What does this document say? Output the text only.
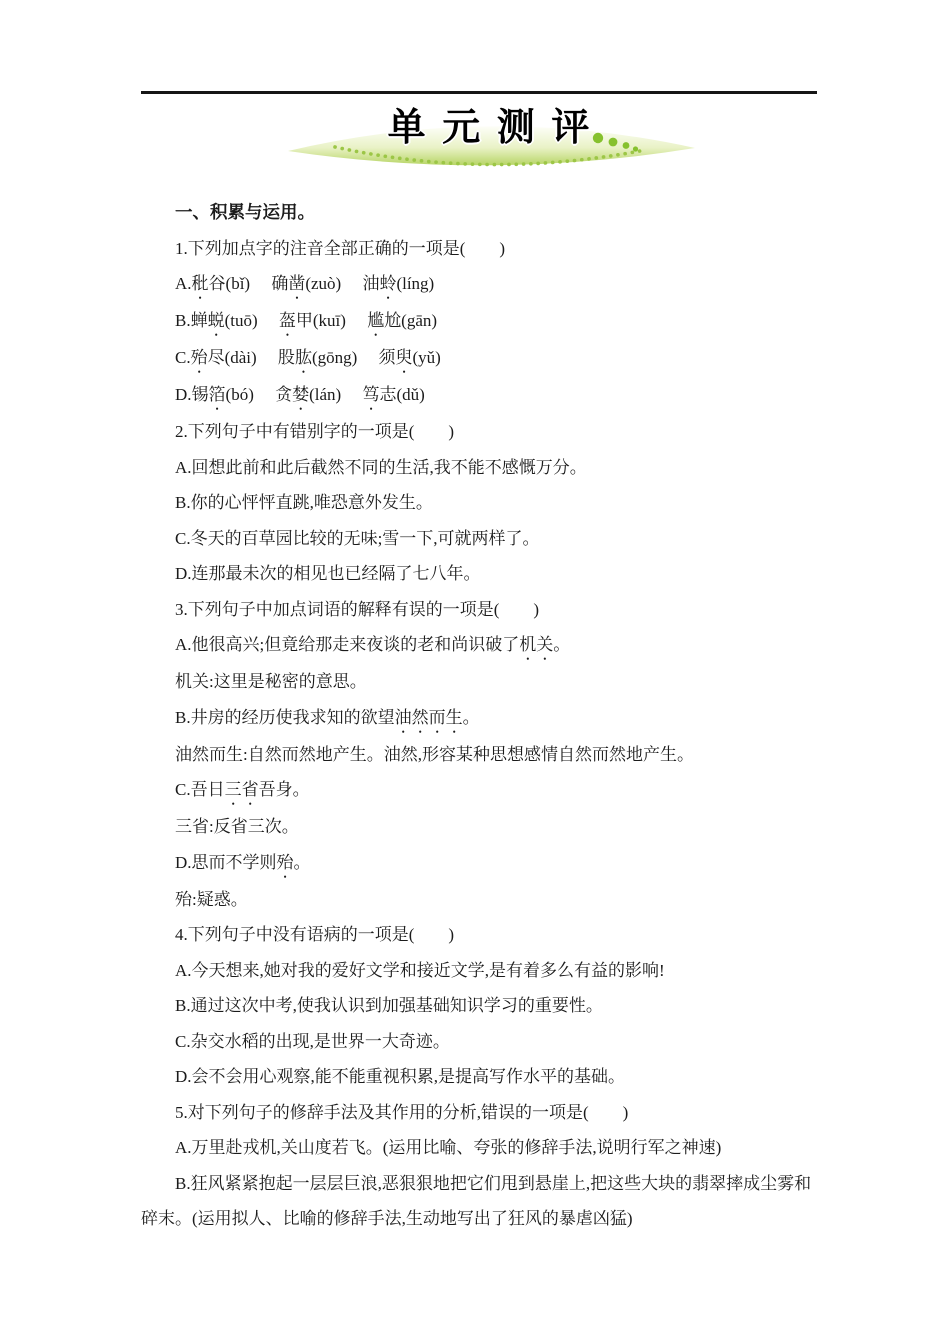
单 元 测 评

一、积累与运用。

1.下列加点字的注音全部正确的一项是(　　)

A.秕谷(bǐ)　 确凿(zuò)　 油蛉(líng)

B.蝉蜕(tuō)　 盔甲(kuī)　 尴尬(gān)

C.殆尽(dài)　 股肱(gōng)　 须臾(yǔ)

D.锡箔(bó)　 贪婪(lán)　 笃志(dǔ)

2.下列句子中有错别字的一项是(　　)

A.回想此前和此后截然不同的生活,我不能不感慨万分。

B.你的心怦怦直跳,唯恐意外发生。

C.冬天的百草园比较的无味;雪一下,可就两样了。

D.连那最未次的相见也已经隔了七八年。

3.下列句子中加点词语的解释有误的一项是(　　)

A.他很高兴;但竟给那走来夜谈的老和尚识破了机关。

机关:这里是秘密的意思。

B.井房的经历使我求知的欲望油然而生。

油然而生:自然而然地产生。油然,形容某种思想感情自然而然地产生。

C.吾日三省吾身。

三省:反省三次。

D.思而不学则殆。

殆:疑惑。

4.下列句子中没有语病的一项是(　　)

A.今天想来,她对我的爱好文学和接近文学,是有着多么有益的影响!

B.通过这次中考,使我认识到加强基础知识学习的重要性。

C.杂交水稻的出现,是世界一大奇迹。

D.会不会用心观察,能不能重视积累,是提高写作水平的基础。

5.对下列句子的修辞手法及其作用的分析,错误的一项是(　　)

A.万里赴戎机,关山度若飞。(运用比喻、夸张的修辞手法,说明行军之神速)

B.狂风紧紧抱起一层层巨浪,恶狠狠地把它们甩到悬崖上,把这些大块的翡翠摔成尘雾和碎末。(运用拟人、比喻的修辞手法,生动地写出了狂风的暴虐凶猛)
